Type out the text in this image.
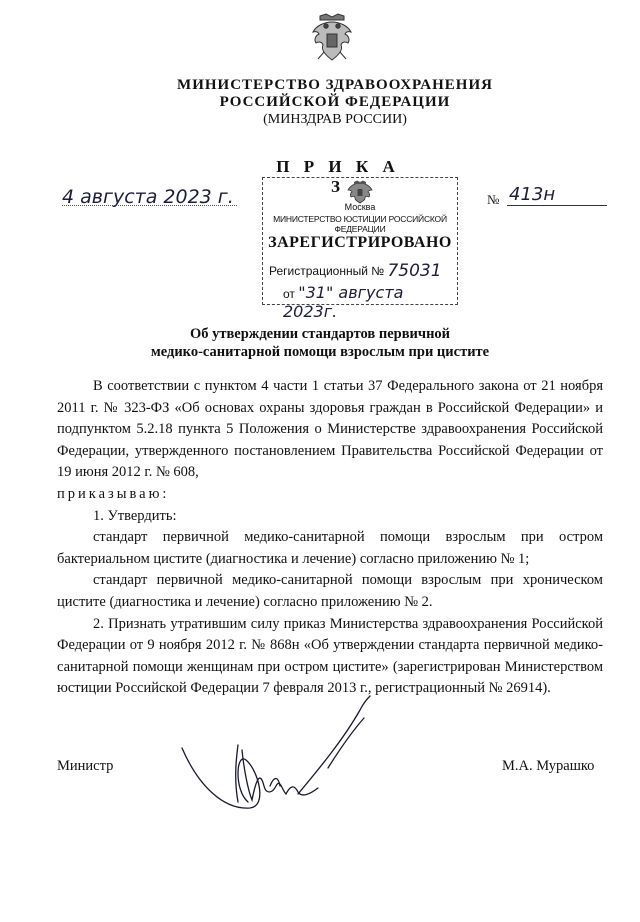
МИНИСТЕРСТВО ЗДРАВООХРАНЕНИЯ
РОССИЙСКОЙ ФЕДЕРАЦИИ
(МИНЗДРАВ РОССИИ)
П Р И К А З
4 августа 2023 г.	№ 413н
Москва
МИНИСТЕРСТВО ЮСТИЦИИ РОССИЙСКОЙ ФЕДЕРАЦИИ
ЗАРЕГИСТРИРОВАНО
Регистрационный № 75031
от "31" августа 2023г.
Об утверждении стандартов первичной
медико-санитарной помощи взрослым при цистите

В соответствии с пунктом 4 части 1 статьи 37 Федерального закона от 21 ноября 2011 г. № 323-ФЗ «Об основах охраны здоровья граждан в Российской Федерации» и подпунктом 5.2.18 пункта 5 Положения о Министерстве здравоохранения Российской Федерации, утвержденного постановлением Правительства Российской Федерации от 19 июня 2012 г. № 608,

приказываю:

1. Утвердить:

стандарт первичной медико-санитарной помощи взрослым при остром бактериальном цистите (диагностика и лечение) согласно приложению № 1;

стандарт первичной медико-санитарной помощи взрослым при хроническом цистите (диагностика и лечение) согласно приложению № 2.

2. Признать утратившим силу приказ Министерства здравоохранения Российской Федерации от 9 ноября 2012 г. № 868н «Об утверждении стандарта первичной медико-санитарной помощи женщинам при остром цистите» (зарегистрирован Министерством юстиции Российской Федерации 7 февраля 2013 г., регистрационный № 26914).

Министр	М.А. Мурашко
